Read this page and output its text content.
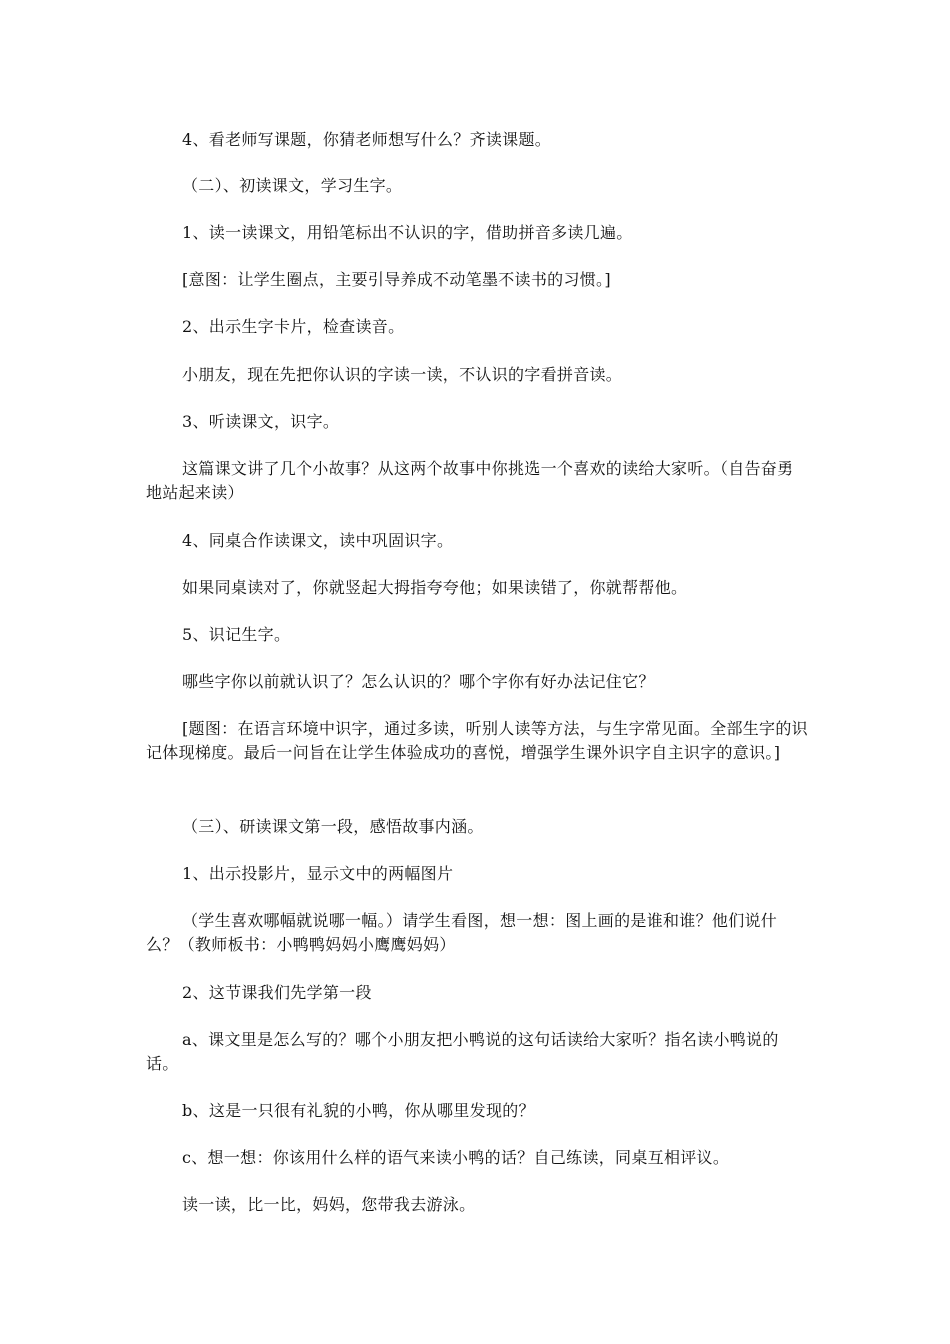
4、看老师写课题，你猜老师想写什么？齐读课题。

（二）、初读课文，学习生字。

1、读一读课文，用铅笔标出不认识的字，借助拼音多读几遍。

[意图：让学生圈点，主要引导养成不动笔墨不读书的习惯。]

2、出示生字卡片，检查读音。

小朋友，现在先把你认识的字读一读，不认识的字看拼音读。

3、听读课文，识字。

这篇课文讲了几个小故事？从这两个故事中你挑选一个喜欢的读给大家听。（自告奋勇地站起来读）

4、同桌合作读课文，读中巩固识字。

如果同桌读对了，你就竖起大拇指夸夸他；如果读错了，你就帮帮他。

5、识记生字。

哪些字你以前就认识了？怎么认识的？哪个字你有好办法记住它？

[题图：在语言环境中识字，通过多读，听别人读等方法，与生字常见面。全部生字的识记体现梯度。最后一问旨在让学生体验成功的喜悦，增强学生课外识字自主识字的意识。]

（三）、研读课文第一段，感悟故事内涵。

1、出示投影片，显示文中的两幅图片

（学生喜欢哪幅就说哪一幅。）请学生看图，想一想：图上画的是谁和谁？他们说什么？（教师板书：小鸭鸭妈妈小鹰鹰妈妈）

2、这节课我们先学第一段

a、课文里是怎么写的？哪个小朋友把小鸭说的这句话读给大家听？指名读小鸭说的话。

b、这是一只很有礼貌的小鸭，你从哪里发现的？

c、想一想：你该用什么样的语气来读小鸭的话？自己练读，同桌互相评议。

读一读，比一比，妈妈，您带我去游泳。
